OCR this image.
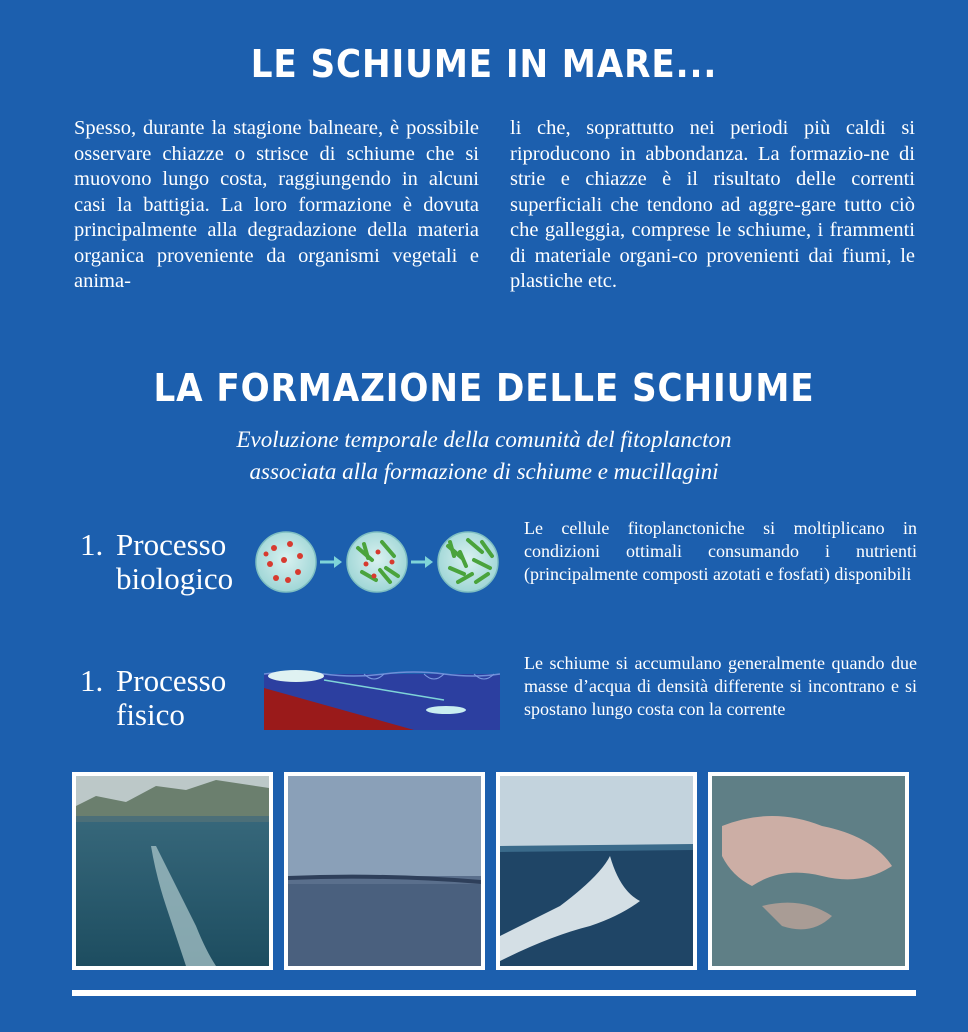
LE SCHIUME IN MARE...
Spesso, durante la stagione balneare, è possibile osservare chiazze o strisce di schiume che si muovono lungo costa, raggiungendo in alcuni casi la battigia. La loro formazione è dovuta principalmente alla degradazione della materia organica proveniente da organismi vegetali e anima-
li che, soprattutto nei periodi più caldi si riproducono in abbondanza. La formazio-ne di strie e chiazze è il risultato delle correnti superficiali che tendono ad aggre-gare tutto ciò che galleggia, comprese le schiume, i frammenti di materiale organi-co provenienti dai fiumi, le plastiche etc.
LA FORMAZIONE DELLE SCHIUME
Evoluzione temporale della comunità del fitoplancton
associata alla formazione di schiume e mucillagini
1. Processo
biologico
Le cellule fitoplanctoniche si moltiplicano in condizioni ottimali consumando i nutrienti (principalmente composti azotati e fosfati) disponibili
1. Processo
fisico
Le schiume si accumulano generalmente quando due masse d’acqua di densità differente si incontrano e si spostano lungo costa con la corrente
